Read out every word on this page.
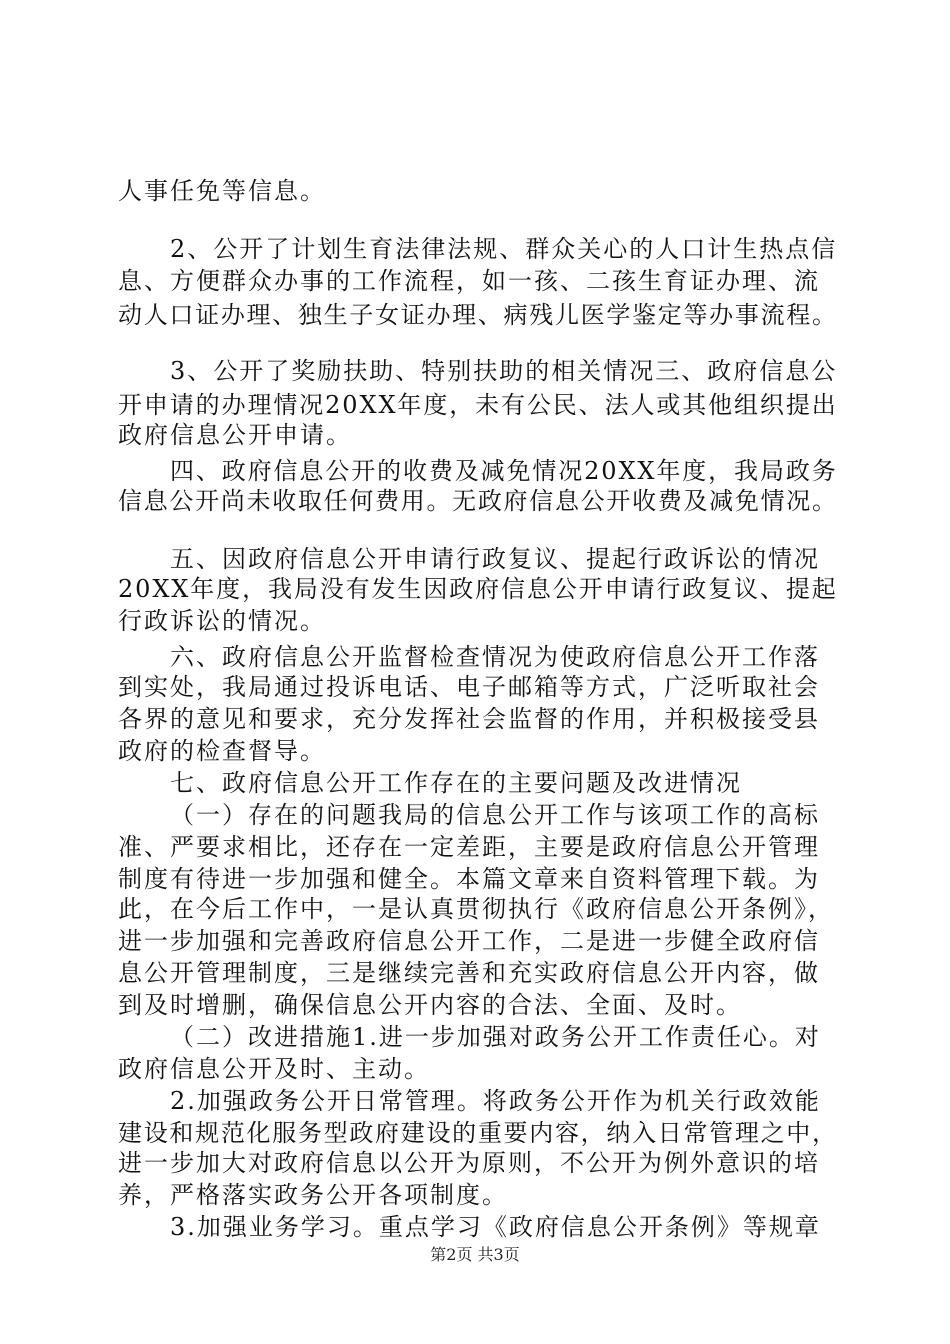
人事任免等信息。
2、公开了计划生育法律法规、群众关心的人口计生热点信
息、方便群众办事的工作流程，如一孩、二孩生育证办理、流
动人口证办理、独生子女证办理、病残儿医学鉴定等办事流程。
3、公开了奖励扶助、特别扶助的相关情况三、政府信息公
开申请的办理情况20XX年度，未有公民、法人或其他组织提出
政府信息公开申请。
四、政府信息公开的收费及减免情况20XX年度，我局政务
信息公开尚未收取任何费用。无政府信息公开收费及减免情况。
五、因政府信息公开申请行政复议、提起行政诉讼的情况
20XX年度，我局没有发生因政府信息公开申请行政复议、提起
行政诉讼的情况。
六、政府信息公开监督检查情况为使政府信息公开工作落
到实处，我局通过投诉电话、电子邮箱等方式，广泛听取社会
各界的意见和要求，充分发挥社会监督的作用，并积极接受县
政府的检查督导。
七、政府信息公开工作存在的主要问题及改进情况
（一）存在的问题我局的信息公开工作与该项工作的高标
准、严要求相比，还存在一定差距，主要是政府信息公开管理
制度有待进一步加强和健全。本篇文章来自资料管理下载。为
此，在今后工作中，一是认真贯彻执行《政府信息公开条例》，
进一步加强和完善政府信息公开工作，二是进一步健全政府信
息公开管理制度，三是继续完善和充实政府信息公开内容，做
到及时增删，确保信息公开内容的合法、全面、及时。
（二）改进措施1.进一步加强对政务公开工作责任心。对
政府信息公开及时、主动。
2.加强政务公开日常管理。将政务公开作为机关行政效能
建设和规范化服务型政府建设的重要内容，纳入日常管理之中，
进一步加大对政府信息以公开为原则，不公开为例外意识的培
养，严格落实政务公开各项制度。
3.加强业务学习。重点学习《政府信息公开条例》等规章
第2页 共3页
